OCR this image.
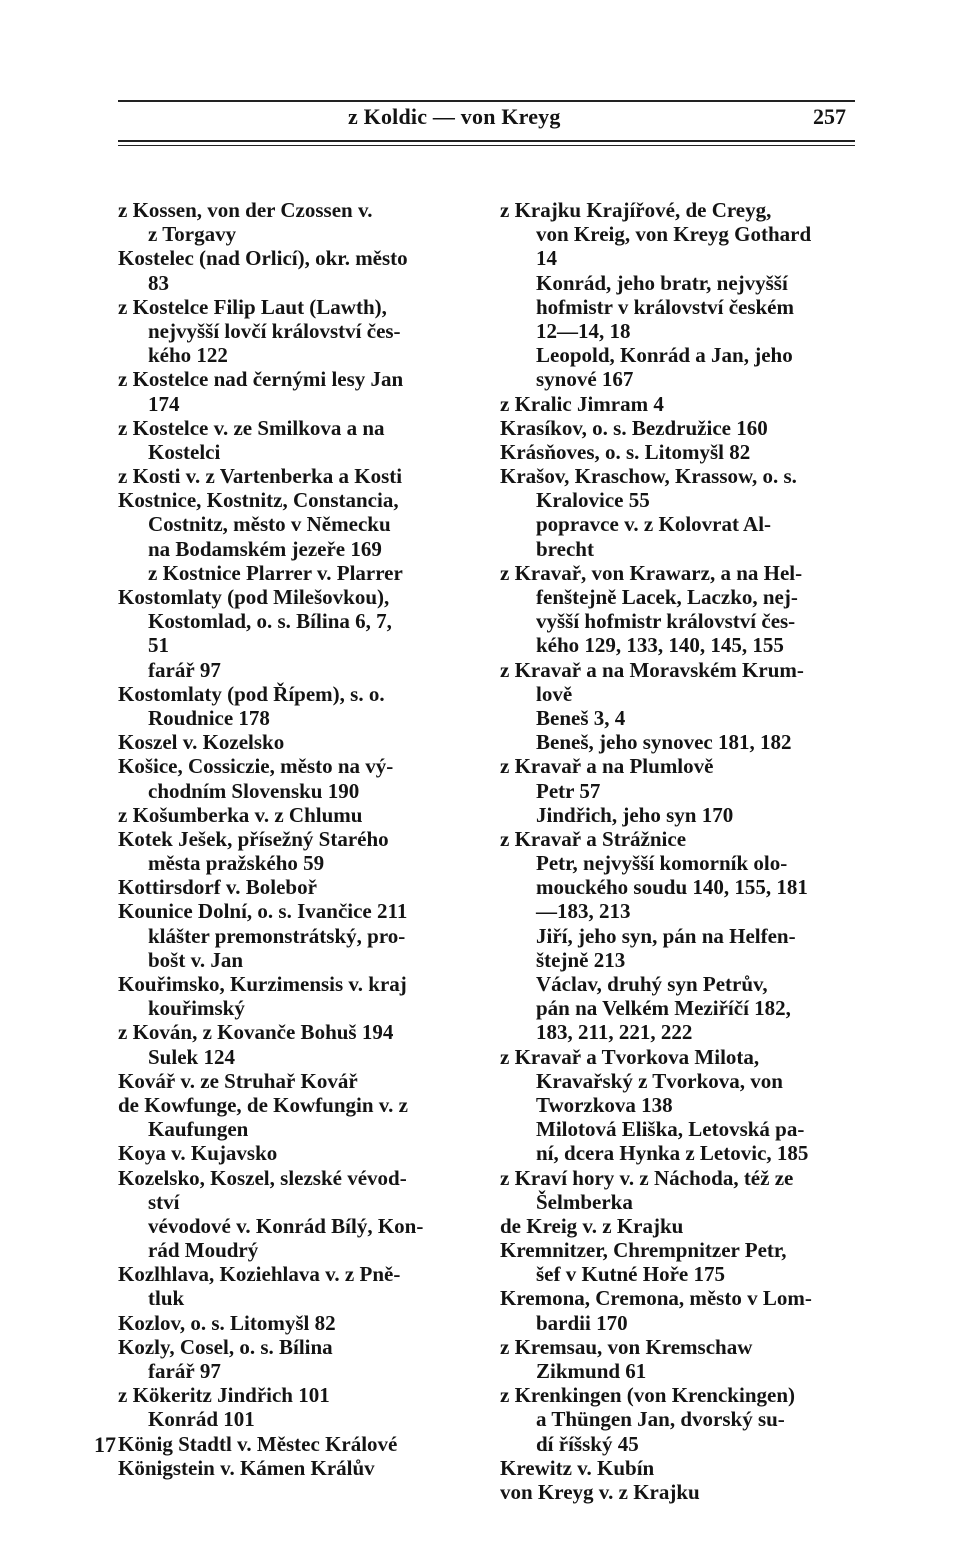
z Koldic — von Kreyg	257
z Kossen, von der Czossen v.
z Torgavy
Kostelec (nad Orlicí), okr. město
83
z Kostelce Filip Laut (Lawth),
nejvyšší lovčí království čes-
kého 122
z Kostelce nad černými lesy Jan
174
z Kostelce v. ze Smilkova a na
Kostelci
z Kosti v. z Vartenberka a Kosti
Kostnice, Kostnitz, Constancia,
Costnitz, město v Německu
na Bodamském jezeře 169
z Kostnice Plarrer v. Plarrer
Kostomlaty (pod Milešovkou),
Kostomlad, o. s. Bílina 6, 7,
51
farář 97
Kostomlaty (pod Řípem), s. o.
Roudnice 178
Koszel v. Kozelsko
Košice, Cossiczie, město na vý-
chodním Slovensku 190
z Košumberka v. z Chlumu
Kotek Ješek, přísežný Starého
města pražského 59
Kottirsdorf v. Boleboř
Kounice Dolní, o. s. Ivančice 211
klášter premonstrátský, pro-
bošt v. Jan
Kouřimsko, Kurzimensis v. kraj
kouřimský
z Kován, z Kovanče Bohuš 194
Sulek 124
Kovář v. ze Struhař Kovář
de Kowfunge, de Kowfungin v. z
Kaufungen
Koya v. Kujavsko
Kozelsko, Koszel, slezské vévod-
ství
vévodové v. Konrád Bílý, Kon-
rád Moudrý
Kozlhlava, Koziehlava v. z Pně-
tluk
Kozlov, o. s. Litomyšl 82
Kozly, Cosel, o. s. Bílina
farář 97
z Kökeritz Jindřich 101
Konrád 101
König Stadtl v. Městec Králové
Königstein v. Kámen Králův
z Krajku Krajířové, de Creyg,
von Kreig, von Kreyg Gothard
14
Konrád, jeho bratr, nejvyšší
hofmistr v království českém
12—14, 18
Leopold, Konrád a Jan, jeho
synové 167
z Kralic Jimram 4
Krasíkov, o. s. Bezdružice 160
Krásňoves, o. s. Litomyšl 82
Krašov, Kraschow, Krassow, o. s.
Kralovice 55
popravce v. z Kolovrat Al-
brecht
z Kravař, von Krawarz, a na Hel-
fenštejně Lacek, Laczko, nej-
vyšší hofmistr království čes-
kého 129, 133, 140, 145, 155
z Kravař a na Moravském Krum-
lově
Beneš 3, 4
Beneš, jeho synovec 181, 182
z Kravař a na Plumlově
Petr 57
Jindřich, jeho syn 170
z Kravař a Strážnice
Petr, nejvyšší komorník olo-
mouckého soudu 140, 155, 181
—183, 213
Jiří, jeho syn, pán na Helfen-
štejně 213
Václav, druhý syn Petrův,
pán na Velkém Meziříčí 182,
183, 211, 221, 222
z Kravař a Tvorkova Milota,
Kravařský z Tvorkova, von
Tworzkova 138
Milotová Eliška, Letovská pa-
ní, dcera Hynka z Letovic, 185
z Kraví hory v. z Náchoda, též ze
Šelmberka
de Kreig v. z Krajku
Kremnitzer, Chrempnitzer Petr,
šef v Kutné Hoře 175
Kremona, Cremona, město v Lom-
bardii 170
z Kremsau, von Kremschaw
Zikmund 61
z Krenkingen (von Krenckingen)
a Thüngen Jan, dvorský su-
dí říšský 45
Krewitz v. Kubín
von Kreyg v. z Krajku
17
